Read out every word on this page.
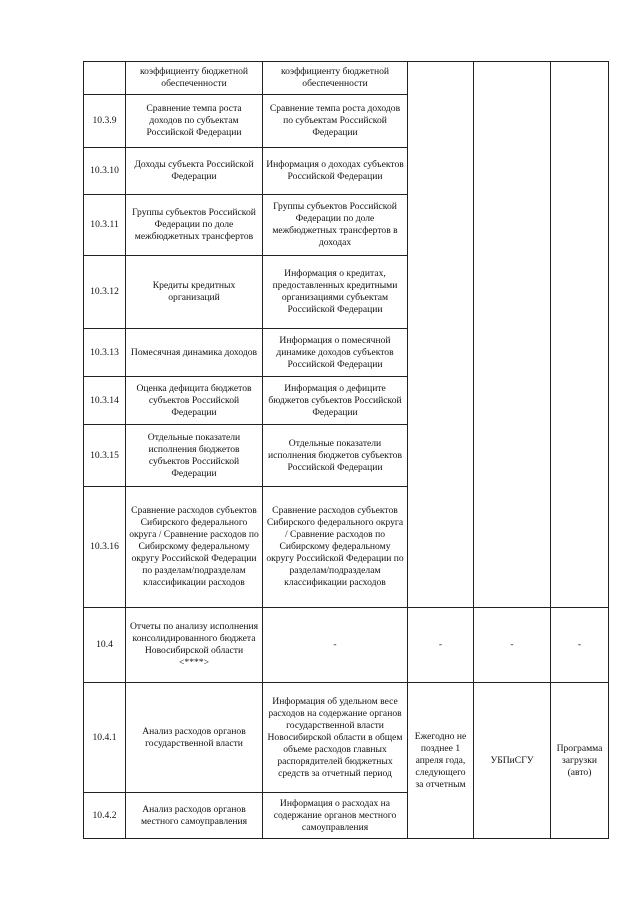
	коэффициенту бюджетной обеспеченности	коэффициенту бюджетной обеспеченности			
10.3.9	Сравнение темпа роста доходов по субъектам Российской Федерации	Сравнение темпа роста доходов по субъектам Российской Федерации			
10.3.10	Доходы субъекта Российской Федерации	Информация о доходах субъектов Российской Федерации			
10.3.11	Группы субъектов Российской Федерации по доле межбюджетных трансфертов	Группы субъектов Российской Федерации по доле межбюджетных трансфертов в доходах			
10.3.12	Кредиты кредитных организаций	Информация о кредитах, предоставленных кредитными организациями субъектам Российской Федерации			
10.3.13	Помесячная динамика доходов	Информация о помесячной динамике доходов субъектов Российской Федерации			
10.3.14	Оценка дефицита бюджетов субъектов Российской Федерации	Информация о дефиците бюджетов субъектов Российской Федерации			
10.3.15	Отдельные показатели исполнения бюджетов субъектов Российской Федерации	Отдельные показатели исполнения бюджетов субъектов Российской Федерации			
10.3.16	Сравнение расходов субъектов Сибирского федерального округа / Сравнение расходов по Сибирскому федеральному округу Российской Федерации по разделам/подразделам классификации расходов	Сравнение расходов субъектов Сибирского федерального округа / Сравнение расходов по Сибирскому федеральному округу Российской Федерации по разделам/подразделам классификации расходов			
10.4	Отчеты по анализу исполнения консолидированного бюджета Новосибирской области <****>	-	-	-	-
10.4.1	Анализ расходов органов государственной власти	Информация об удельном весе расходов на содержание органов государственной власти Новосибирской области в общем объеме расходов главных распорядителей бюджетных средств за отчетный период	Ежегодно не позднее 1 апреля года, следующего за отчетным	УБПиСГУ	Программа загрузки (авто)
10.4.2	Анализ расходов органов местного самоуправления	Информация о расходах на содержание органов местного самоуправления			
